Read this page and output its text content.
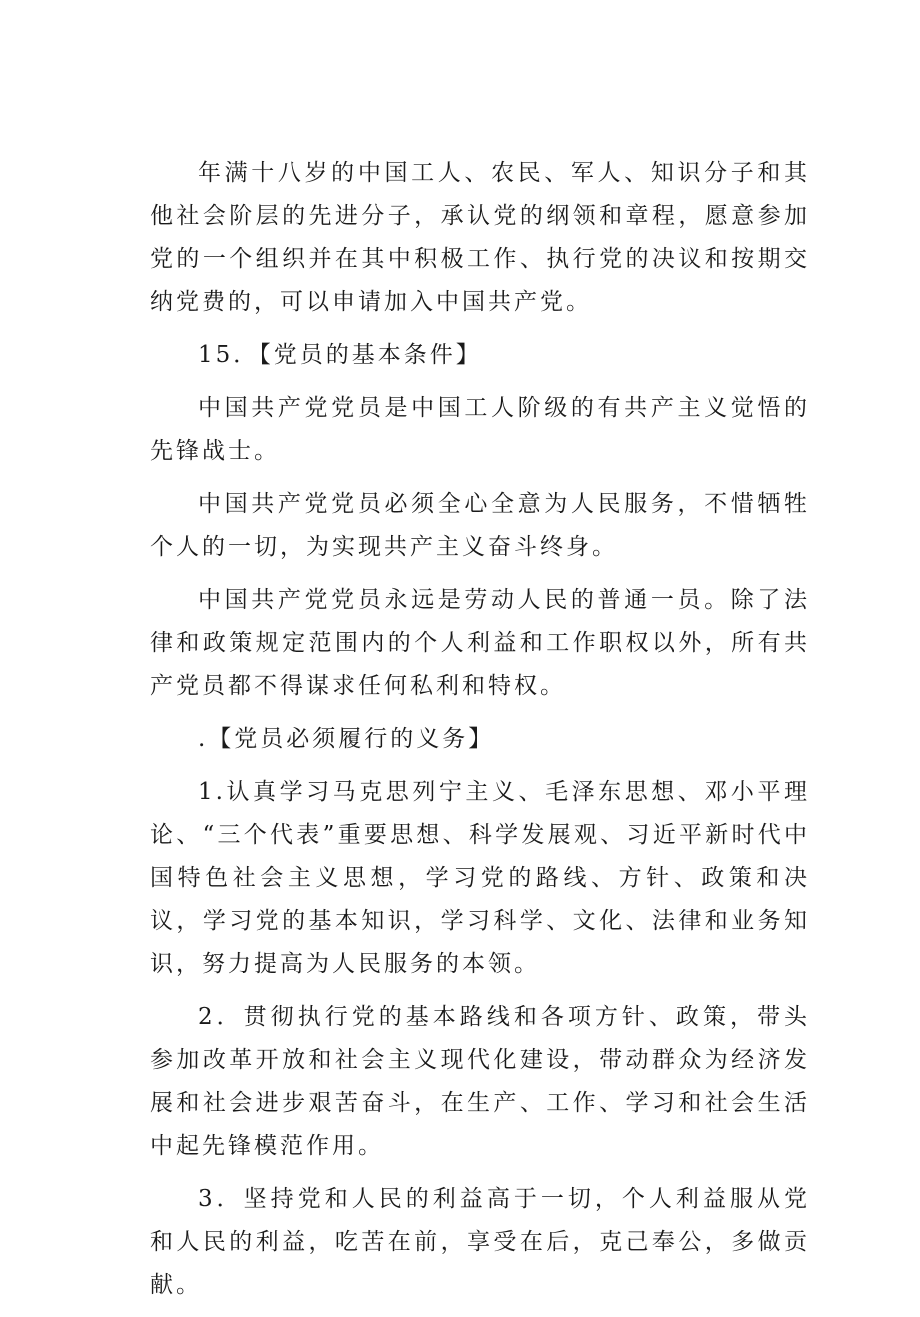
年满十八岁的中国工人、农民、军人、知识分子和其他社会阶层的先进分子，承认党的纲领和章程，愿意参加党的一个组织并在其中积极工作、执行党的决议和按期交纳党费的，可以申请加入中国共产党。

15．【党员的基本条件】

中国共产党党员是中国工人阶级的有共产主义觉悟的先锋战士。

中国共产党党员必须全心全意为人民服务，不惜牺牲个人的一切，为实现共产主义奋斗终身。

中国共产党党员永远是劳动人民的普通一员。除了法律和政策规定范围内的个人利益和工作职权以外，所有共产党员都不得谋求任何私利和特权。

.【党员必须履行的义务】

1.认真学习马克思列宁主义、毛泽东思想、邓小平理论、“三个代表”重要思想、科学发展观、习近平新时代中国特色社会主义思想，学习党的路线、方针、政策和决议，学习党的基本知识，学习科学、文化、法律和业务知识，努力提高为人民服务的本领。

2．贯彻执行党的基本路线和各项方针、政策，带头参加改革开放和社会主义现代化建设，带动群众为经济发展和社会进步艰苦奋斗，在生产、工作、学习和社会生活中起先锋模范作用。

3．坚持党和人民的利益高于一切，个人利益服从党和人民的利益，吃苦在前，享受在后，克己奉公，多做贡献。
